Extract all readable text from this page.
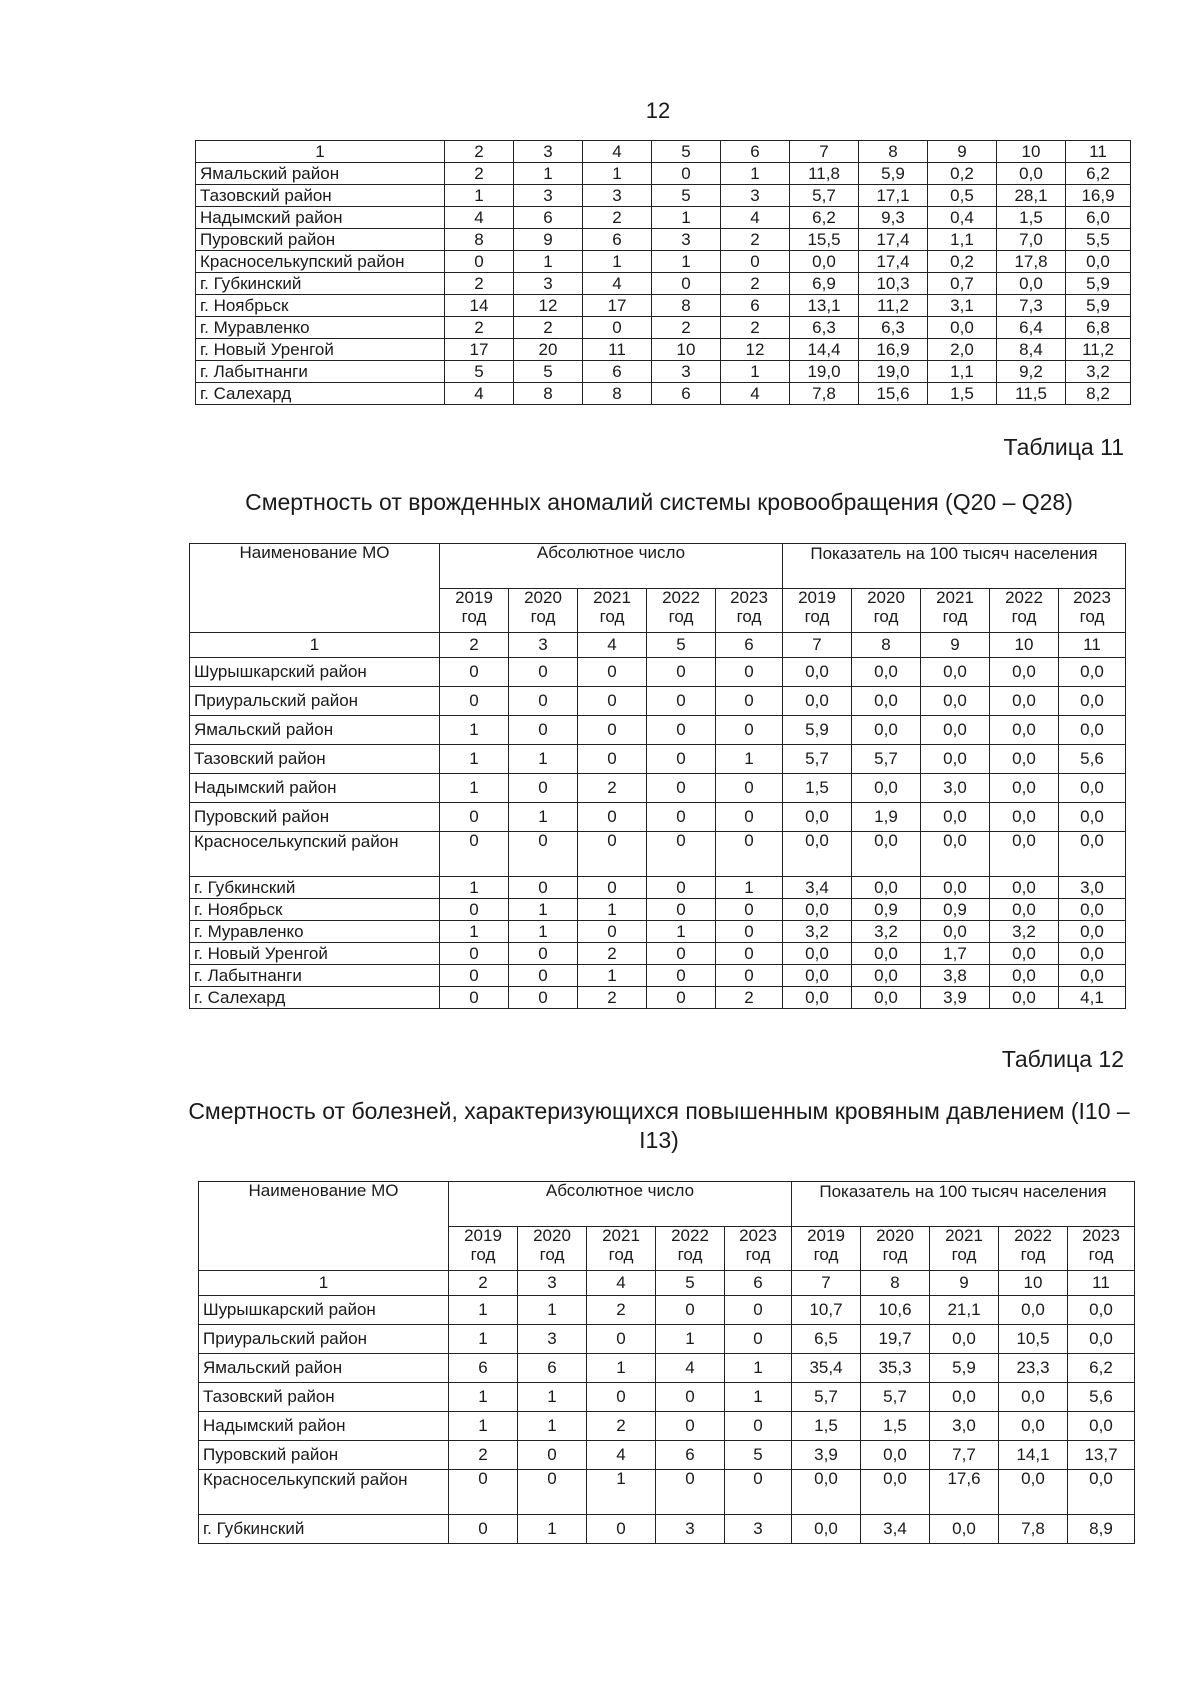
12
1	2	3	4	5	6	7	8	9	10	11
Ямальский район	2	1	1	0	1	11,8	5,9	0,2	0,0	6,2
Тазовский район	1	3	3	5	3	5,7	17,1	0,5	28,1	16,9
Надымский район	4	6	2	1	4	6,2	9,3	0,4	1,5	6,0
Пуровский район	8	9	6	3	2	15,5	17,4	1,1	7,0	5,5
Красноселькупский район	0	1	1	1	0	0,0	17,4	0,2	17,8	0,0
г. Губкинский	2	3	4	0	2	6,9	10,3	0,7	0,0	5,9
г. Ноябрьск	14	12	17	8	6	13,1	11,2	3,1	7,3	5,9
г. Муравленко	2	2	0	2	2	6,3	6,3	0,0	6,4	6,8
г. Новый Уренгой	17	20	11	10	12	14,4	16,9	2,0	8,4	11,2
г. Лабытнанги	5	5	6	3	1	19,0	19,0	1,1	9,2	3,2
г. Салехард	4	8	8	6	4	7,8	15,6	1,5	11,5	8,2
Таблица 11
Смертность от врожденных аномалий системы кровообращения (Q20 – Q28)
Наименование МО	Абсолютное число					Показатель на 100 тысяч населения				
	2019 год	2020 год	2021 год	2022 год	2023 год	2019 год	2020 год	2021 год	2022 год	2023 год
1	2	3	4	5	6	7	8	9	10	11
Шурышкарский район	0	0	0	0	0	0,0	0,0	0,0	0,0	0,0
Приуральский район	0	0	0	0	0	0,0	0,0	0,0	0,0	0,0
Ямальский район	1	0	0	0	0	5,9	0,0	0,0	0,0	0,0
Тазовский район	1	1	0	0	1	5,7	5,7	0,0	0,0	5,6
Надымский район	1	0	2	0	0	1,5	0,0	3,0	0,0	0,0
Пуровский район	0	1	0	0	0	0,0	1,9	0,0	0,0	0,0
Красноселькупский район	0	0	0	0	0	0,0	0,0	0,0	0,0	0,0
г. Губкинский	1	0	0	0	1	3,4	0,0	0,0	0,0	3,0
г. Ноябрьск	0	1	1	0	0	0,0	0,9	0,9	0,0	0,0
г. Муравленко	1	1	0	1	0	3,2	3,2	0,0	3,2	0,0
г. Новый Уренгой	0	0	2	0	0	0,0	0,0	1,7	0,0	0,0
г. Лабытнанги	0	0	1	0	0	0,0	0,0	3,8	0,0	0,0
г. Салехард	0	0	2	0	2	0,0	0,0	3,9	0,0	4,1
Таблица 12
Смертность от болезней, характеризующихся повышенным кровяным давлением (I10 – I13)
Наименование МО	Абсолютное число					Показатель на 100 тысяч населения				
	2019 год	2020 год	2021 год	2022 год	2023 год	2019 год	2020 год	2021 год	2022 год	2023 год
1	2	3	4	5	6	7	8	9	10	11
Шурышкарский район	1	1	2	0	0	10,7	10,6	21,1	0,0	0,0
Приуральский район	1	3	0	1	0	6,5	19,7	0,0	10,5	0,0
Ямальский район	6	6	1	4	1	35,4	35,3	5,9	23,3	6,2
Тазовский район	1	1	0	0	1	5,7	5,7	0,0	0,0	5,6
Надымский район	1	1	2	0	0	1,5	1,5	3,0	0,0	0,0
Пуровский район	2	0	4	6	5	3,9	0,0	7,7	14,1	13,7
Красноселькупский район	0	0	1	0	0	0,0	0,0	17,6	0,0	0,0
г. Губкинский	0	1	0	3	3	0,0	3,4	0,0	7,8	8,9
